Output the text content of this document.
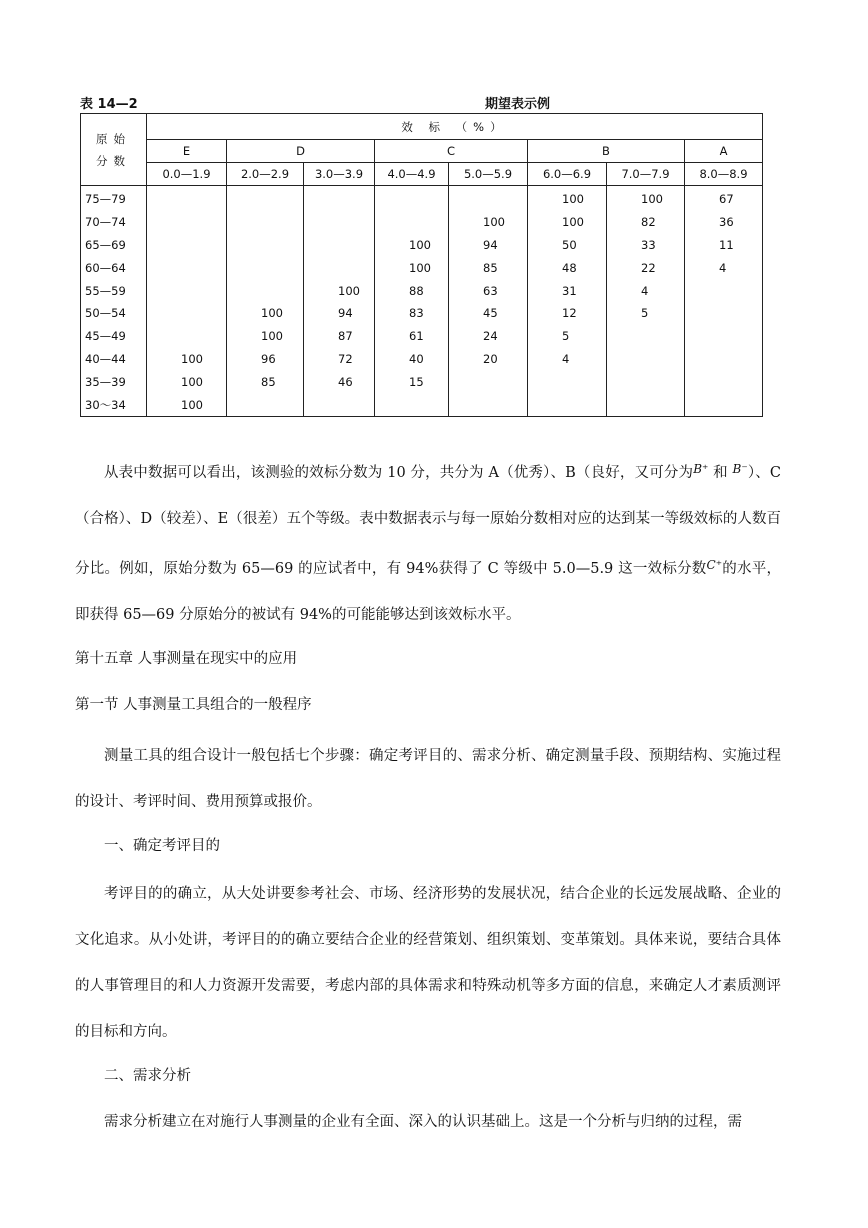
表 14—2	期望表示例
原始
分数	效 标 （%）							
	E	D		C		B		A
	0.0—1.9	2.0—2.9	3.0—3.9	4.0—4.9	5.0—5.9	6.0—6.9	7.0—7.9	8.0—8.9
75—79						100	100	67
70—74					100	100	82	36
65—69				100	94	50	33	11
60—64				100	85	48	22	4
55—59			100	88	63	31	4	
50—54		100	94	83	45	12	5	
45—49		100	87	61	24	5		
40—44	100	96	72	40	20	4		
35—39	100	85	46	15				
30～34	100							
从表中数据可以看出，该测验的效标分数为 10 分，共分为 A（优秀）、B（良好，又可分为$^{B^+}$ 和 $^{B^-}$）、C（合格）、D（较差）、E（很差）五个等级。表中数据表示与每一原始分数相对应的达到某一等级效标的人数百分比。例如，原始分数为 65—69 的应试者中，有 94%获得了 C 等级中 5.0—5.9 这一效标分数$^{C^+}$的水平，即获得 65—69 分原始分的被试有 94%的可能能够达到该效标水平。
第十五章 人事测量在现实中的应用
第一节 人事测量工具组合的一般程序
测量工具的组合设计一般包括七个步骤：确定考评目的、需求分析、确定测量手段、预期结构、实施过程的设计、考评时间、费用预算或报价。
一、确定考评目的
考评目的的确立，从大处讲要参考社会、市场、经济形势的发展状况，结合企业的长远发展战略、企业的文化追求。从小处讲，考评目的的确立要结合企业的经营策划、组织策划、变革策划。具体来说，要结合具体的人事管理目的和人力资源开发需要，考虑内部的具体需求和特殊动机等多方面的信息，来确定人才素质测评的目标和方向。
二、需求分析
需求分析建立在对施行人事测量的企业有全面、深入的认识基础上。这是一个分析与归纳的过程，需
